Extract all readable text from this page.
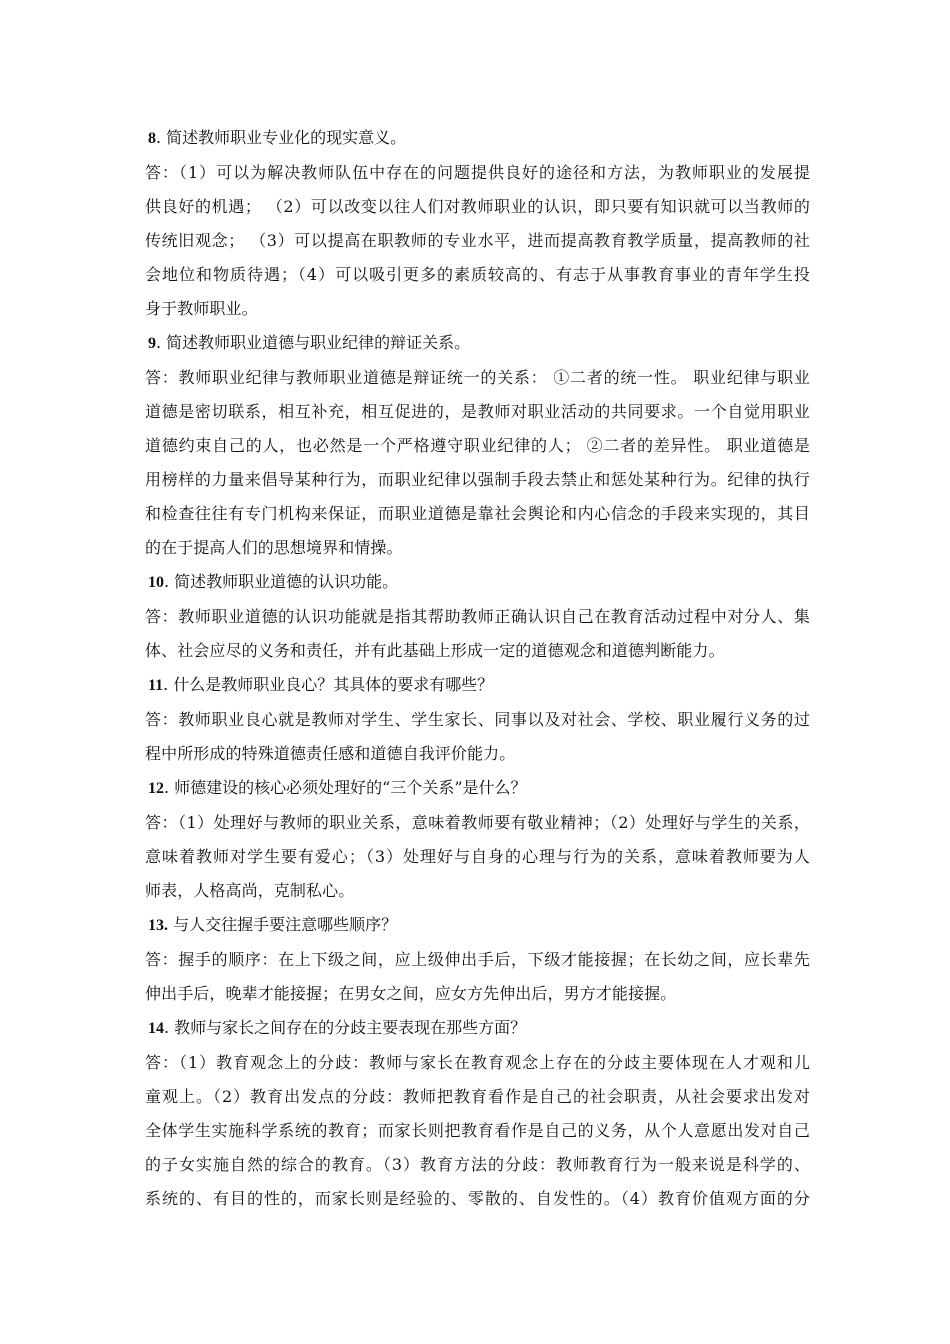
8. 简述教师职业专业化的现实意义。
答：（1）可以为解决教师队伍中存在的问题提供良好的途径和方法，为教师职业的发展提
供良好的机遇； （2）可以改变以往人们对教师职业的认识，即只要有知识就可以当教师的
传统旧观念； （3）可以提高在职教师的专业水平，进而提高教育教学质量，提高教师的社
会地位和物质待遇；（4）可以吸引更多的素质较高的、有志于从事教育事业的青年学生投
身于教师职业。
9. 简述教师职业道德与职业纪律的辩证关系。
答：教师职业纪律与教师职业道德是辩证统一的关系： ①二者的统一性。 职业纪律与职业
道德是密切联系，相互补充，相互促进的，是教师对职业活动的共同要求。一个自觉用职业
道德约束自己的人，也必然是一个严格遵守职业纪律的人； ②二者的差异性。 职业道德是
用榜样的力量来倡导某种行为，而职业纪律以强制手段去禁止和惩处某种行为。纪律的执行
和检查往往有专门机构来保证，而职业道德是靠社会舆论和内心信念的手段来实现的，其目
的在于提高人们的思想境界和情操。
10. 简述教师职业道德的认识功能。
答：教师职业道德的认识功能就是指其帮助教师正确认识自己在教育活动过程中对分人、集
体、社会应尽的义务和责任，并有此基础上形成一定的道德观念和道德判断能力。
11. 什么是教师职业良心？其具体的要求有哪些？
答：教师职业良心就是教师对学生、学生家长、同事以及对社会、学校、职业履行义务的过
程中所形成的特殊道德责任感和道德自我评价能力。
12. 师德建设的核心必须处理好的“三个关系”是什么？
答：（1）处理好与教师的职业关系，意味着教师要有敬业精神；（2）处理好与学生的关系，
意味着教师对学生要有爱心；（3）处理好与自身的心理与行为的关系，意味着教师要为人
师表，人格高尚，克制私心。
13. 与人交往握手要注意哪些顺序？
答：握手的顺序：在上下级之间，应上级伸出手后，下级才能接握；在长幼之间，应长辈先
伸出手后，晚辈才能接握；在男女之间，应女方先伸出后，男方才能接握。
14. 教师与家长之间存在的分歧主要表现在那些方面？
答：（1）教育观念上的分歧：教师与家长在教育观念上存在的分歧主要体现在人才观和儿
童观上。（2）教育出发点的分歧：教师把教育看作是自己的社会职责，从社会要求出发对
全体学生实施科学系统的教育；而家长则把教育看作是自己的义务，从个人意愿出发对自己
的子女实施自然的综合的教育。（3）教育方法的分歧：教师教育行为一般来说是科学的、
系统的、有目的性的，而家长则是经验的、零散的、自发性的。（4）教育价值观方面的分
